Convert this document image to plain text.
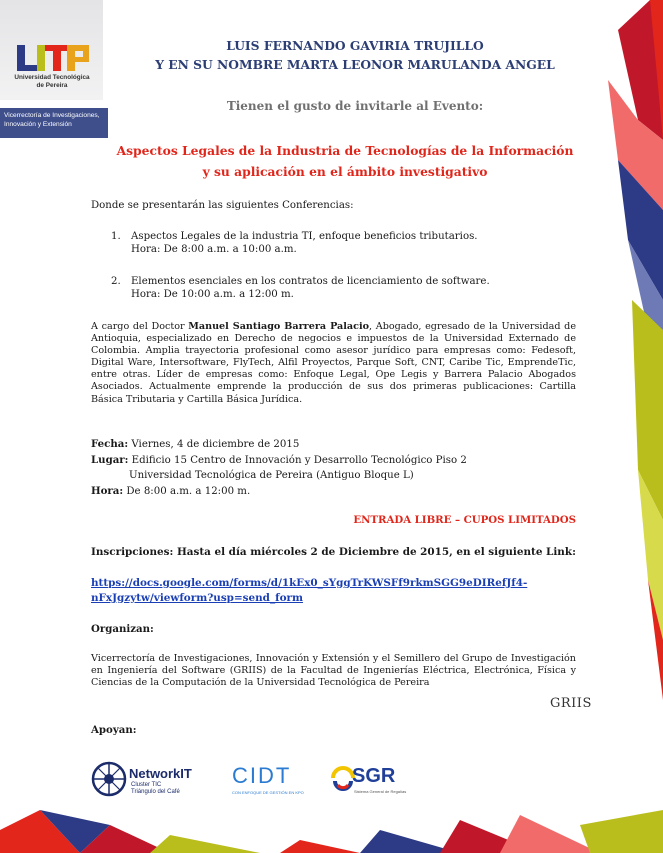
Universidad Tecnológica
de Pereira
Vicerrectoría de Investigaciones,
Innovación y Extensión
LUIS FERNANDO GAVIRIA TRUJILLO
Y EN SU NOMBRE MARTA LEONOR MARULANDA ANGEL
Tienen el gusto de invitarle al Evento:
Aspectos Legales de la Industria de Tecnologías de la Información
y su aplicación en el ámbito investigativo
Donde se presentarán las siguientes Conferencias:
1. Aspectos Legales de la industria TI, enfoque beneficios tributarios.
Hora: De 8:00 a.m. a 10:00 a.m.
2. Elementos esenciales en los contratos de licenciamiento de software.
Hora: De 10:00 a.m. a 12:00 m.
A cargo del Doctor Manuel Santiago Barrera Palacio, Abogado, egresado de la Universidad de Antioquia, especializado en Derecho de negocios e impuestos de la Universidad Externado de Colombia. Amplia trayectoria profesional como asesor jurídico para empresas como: Fedesoft, Digital Ware, Intersoftware, FlyTech, Alfil Proyectos, Parque Soft, CNT, Caribe Tic, EmprendeTic, entre otras. Líder de empresas como: Enfoque Legal, Ope Legis y Barrera Palacio Abogados Asociados. Actualmente emprende la producción de sus dos primeras publicaciones: Cartilla Básica Tributaria y Cartilla Básica Jurídica.
Fecha: Viernes, 4 de diciembre de 2015
Lugar: Edificio 15 Centro de Innovación y Desarrollo Tecnológico Piso 2
Universidad Tecnológica de Pereira (Antiguo Bloque L)
Hora: De 8:00 a.m. a 12:00 m.
ENTRADA LIBRE – CUPOS LIMITADOS
Inscripciones: Hasta el día miércoles 2 de Diciembre de 2015, en el siguiente Link:
https://docs.google.com/forms/d/1kEx0_sYggTrKWSFf9rkmSGG9eDIRefJf4-
nFxJgzytw/viewform?usp=send_form
Organizan:
Vicerrectoría de Investigaciones, Innovación y Extensión y el Semillero del Grupo de Investigación en Ingeniería del Software (GRIIS) de la Facultad de Ingenierías Eléctrica, Electrónica, Física y Ciencias de la Computación de la Universidad Tecnológica de Pereira
GRIIS
Apoyan:
NetworkIT
Cluster TIC
Triángulo del Café
CIDT
CON ENFOQUE DE GESTIÓN EN KPO
SGR
Sistema General de Regalías
